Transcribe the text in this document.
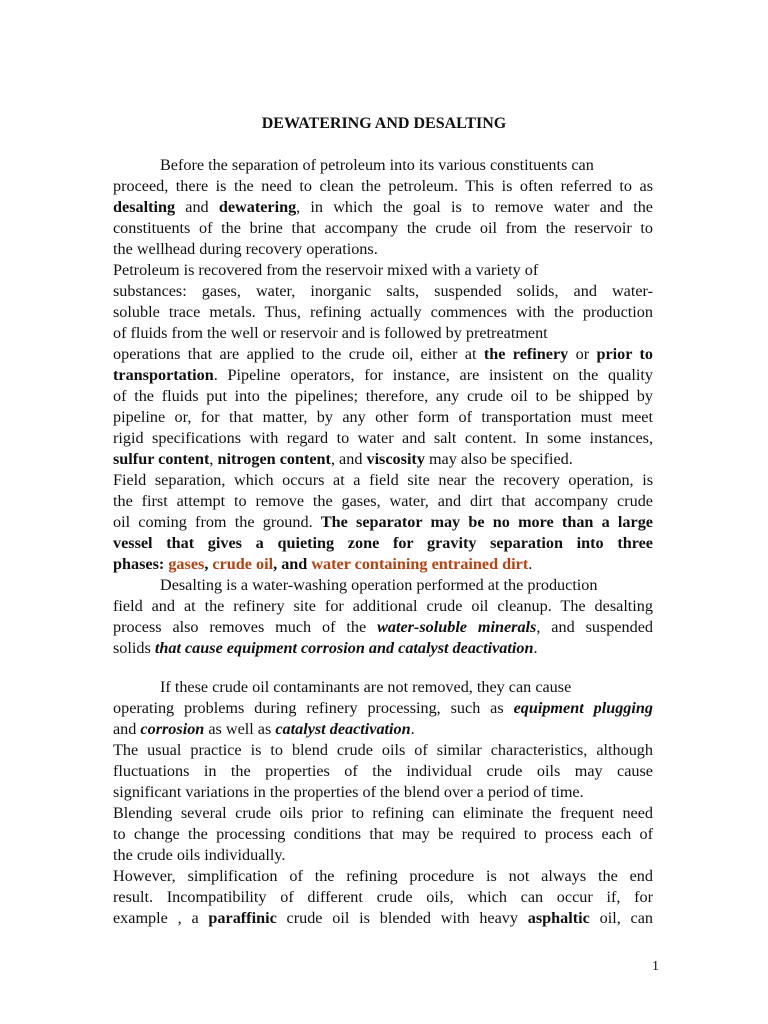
DEWATERING AND DESALTING
Before the separation of petroleum into its various constituents can
proceed, there is the need to clean the petroleum. This is often referred to as
desalting and dewatering, in which the goal is to remove water and the
constituents of the brine that accompany the crude oil from the reservoir to
the wellhead during recovery operations.
Petroleum is recovered from the reservoir mixed with a variety of
substances: gases, water, inorganic salts, suspended solids, and water-
soluble trace metals. Thus, refining actually commences with the production
of fluids from the well or reservoir and is followed by pretreatment
operations that are applied to the crude oil, either at the refinery or prior to
transportation. Pipeline operators, for instance, are insistent on the quality
of the fluids put into the pipelines; therefore, any crude oil to be shipped by
pipeline or, for that matter, by any other form of transportation must meet
rigid specifications with regard to water and salt content. In some instances,
sulfur content, nitrogen content, and viscosity may also be specified.
Field separation, which occurs at a field site near the recovery operation, is
the first attempt to remove the gases, water, and dirt that accompany crude
oil coming from the ground. The separator may be no more than a large
vessel that gives a quieting zone for gravity separation into three
phases: gases, crude oil, and water containing entrained dirt.
Desalting is a water-washing operation performed at the production
field and at the refinery site for additional crude oil cleanup. The desalting
process also removes much of the water-soluble minerals, and suspended
solids that cause equipment corrosion and catalyst deactivation.
If these crude oil contaminants are not removed, they can cause
operating problems during refinery processing, such as equipment plugging
and corrosion as well as catalyst deactivation.
The usual practice is to blend crude oils of similar characteristics, although
fluctuations in the properties of the individual crude oils may cause
significant variations in the properties of the blend over a period of time.
Blending several crude oils prior to refining can eliminate the frequent need
to change the processing conditions that may be required to process each of
the crude oils individually.
However, simplification of the refining procedure is not always the end
result. Incompatibility of different crude oils, which can occur if, for
example , a paraffinic crude oil is blended with heavy asphaltic oil, can
1
